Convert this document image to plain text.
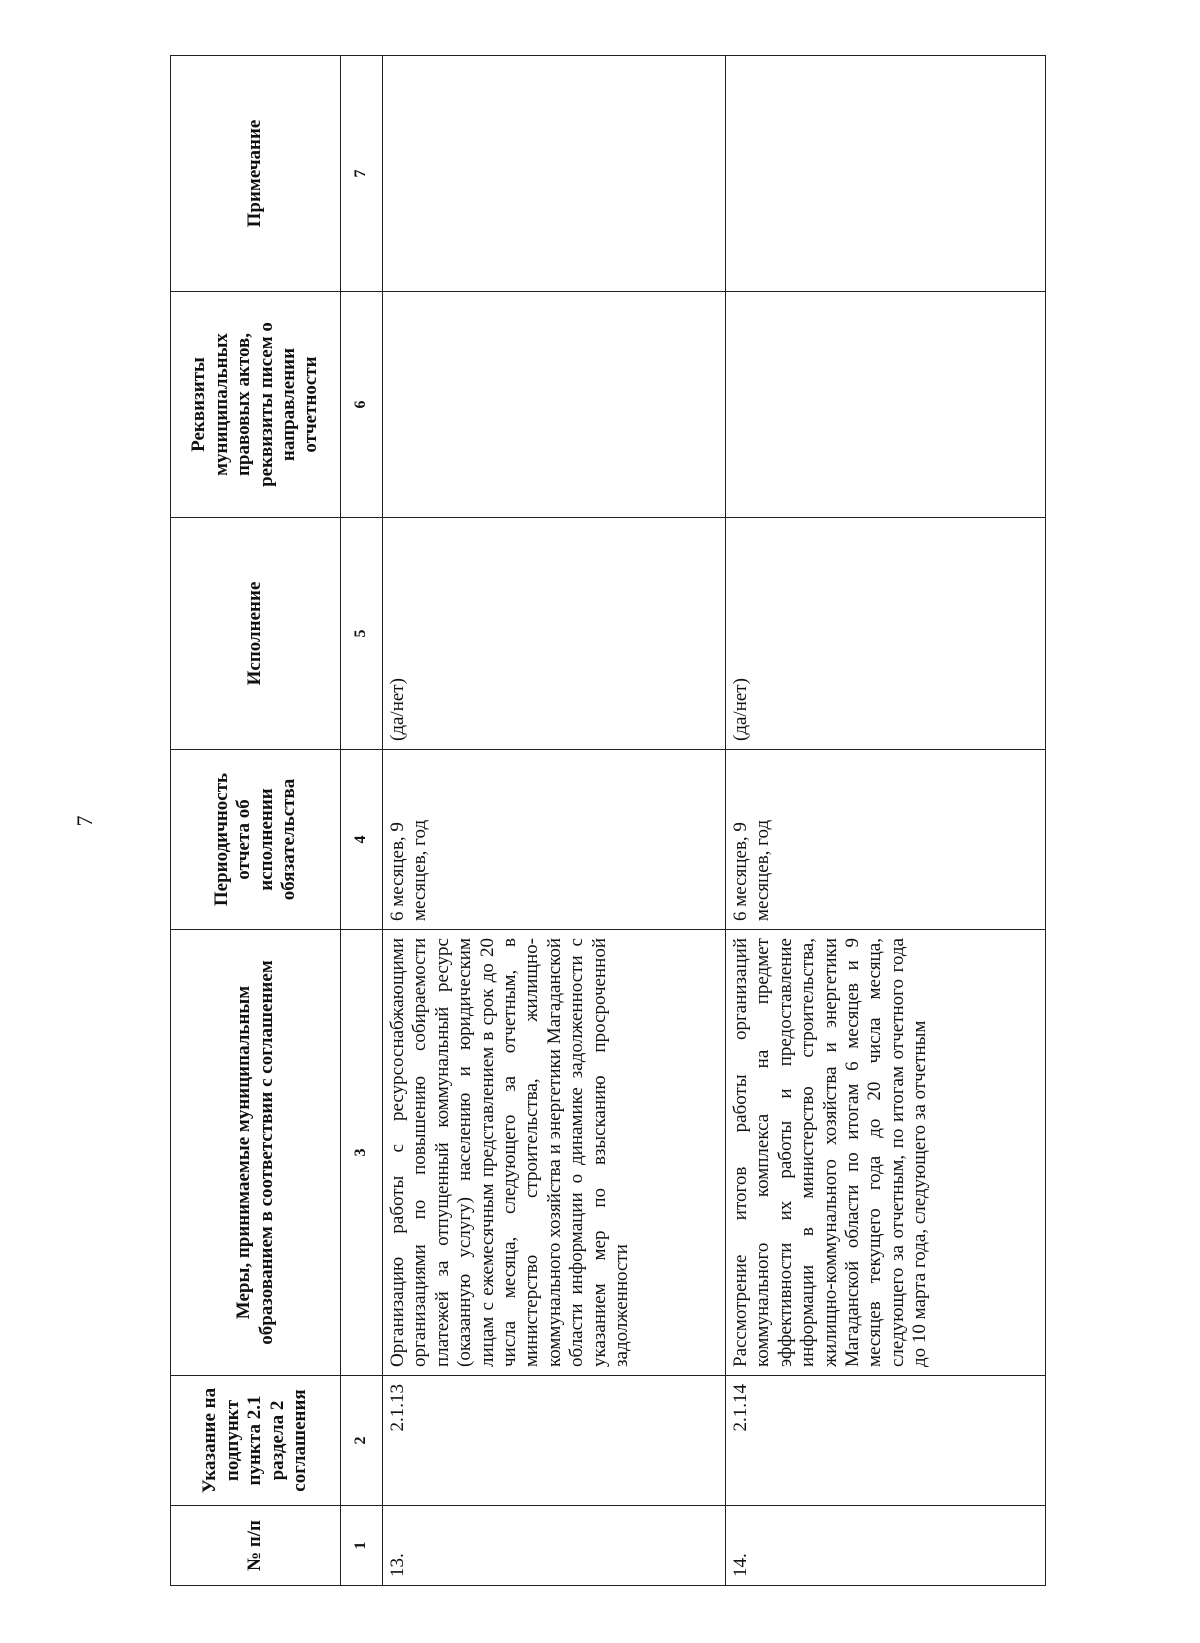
7
№ п/п	Указание на подпункт пункта 2.1 раздела 2 соглашения	Меры, принимаемые муниципальным образованием в соответствии с соглашением	Периодичность отчета об исполнении обязательства	Исполнение	Реквизиты муниципальных правовых актов, реквизиты писем о направлении отчетности	Примечание
1	2	3	4	5	6	7
13.	2.1.13	Организацию работы с ресурсоснабжающими организациями по повышению собираемости платежей за отпущенный коммунальный ресурс (оказанную услугу) населению и юридическим лицам с ежемесячным представлением в срок до 20 числа месяца, следующего за отчетным, в министерство строительства, жилищно-коммунального хозяйства и энергетики Магаданской области информации о динамике задолженности с указанием мер по взысканию просроченной задолженности	6 месяцев, 9 месяцев, год	(да/нет)		
14.	2.1.14	Рассмотрение итогов работы организаций коммунального комплекса на предмет эффективности их работы и предоставление информации в министерство строительства, жилищно-коммунального хозяйства и энергетики Магаданской области по итогам 6 месяцев и 9 месяцев текущего года до 20 числа месяца, следующего за отчетным, по итогам отчетного года до 10 марта года, следующего за отчетным	6 месяцев, 9 месяцев, год	(да/нет)		
